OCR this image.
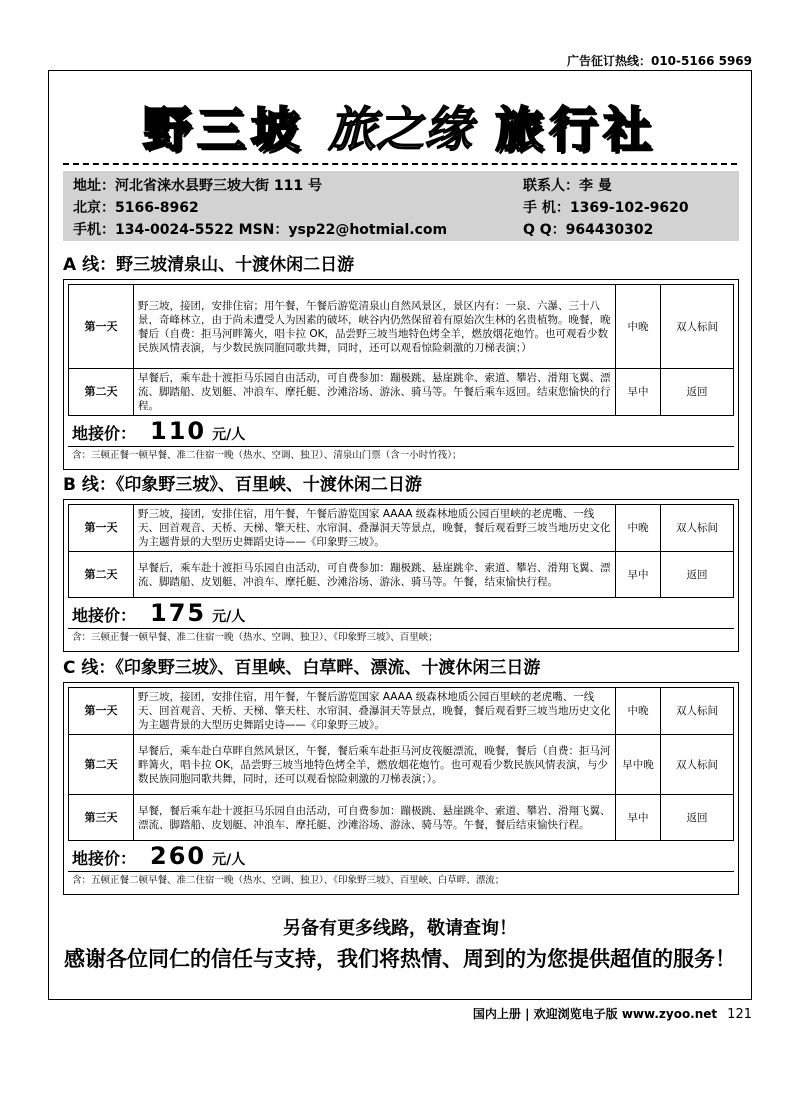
广告征订热线：010-5166 5969
野三坡 旅之缘 旅行社
地址：河北省涞水县野三坡大街 111 号	联系人：李 曼
北京：5166-8962	手 机：1369-102-9620
手机：134-0024-5522 MSN：ysp22@hotmial.com	Q Q：964430302
A 线：野三坡清泉山、十渡休闲二日游
第一天	野三坡，接团，安排住宿；用午餐，午餐后游览清泉山自然风景区，景区内有：一泉、六瀑、三十八景，奇峰林立，由于尚未遭受人为因素的破坏，峡谷内仍然保留着有原始次生林的名贵植物。晚餐，晚餐后（自费：拒马河畔篝火，唱卡拉 OK，品尝野三坡当地特色烤全羊，燃放烟花炮竹。也可观看少数民族风情表演，与少数民族同胞同歌共舞，同时，还可以观看惊险刺激的刀梯表演；）	中晚	双人标间
第二天	早餐后，乘车赴十渡拒马乐园自由活动，可自费参加：蹦极跳、悬崖跳伞、索道、攀岩、滑翔飞翼、漂流、脚踏船、皮划艇、冲浪车、摩托艇、沙滩浴场、游泳、骑马等。午餐后乘车返回。结束您愉快的行程。	早中	返回
地接价： 110 元/人
含：三顿正餐一顿早餐、准二住宿一晚（热水、空调、独卫）、清泉山门票（含一小时竹筏）；
B 线：《印象野三坡》、百里峡、十渡休闲二日游
第一天	野三坡，接团，安排住宿，用午餐，午餐后游览国家 AAAA 级森林地质公园百里峡的老虎嘴、一线天、回首观音、天桥、天梯、擎天柱、水帘洞、叠瀑洞天等景点，晚餐，餐后观看野三坡当地历史文化为主题背景的大型历史舞蹈史诗——《印象野三坡》。	中晚	双人标间
第二天	早餐后，乘车赴十渡拒马乐园自由活动，可自费参加：蹦极跳、悬崖跳伞、索道、攀岩、滑翔飞翼、漂流、脚踏船、皮划艇、冲浪车、摩托艇、沙滩浴场、游泳、骑马等。午餐，结束愉快行程。	早中	返回
地接价： 175 元/人
含：三顿正餐一顿早餐、准二住宿一晚（热水、空调、独卫）、《印象野三坡》、百里峡；
C 线：《印象野三坡》、百里峡、白草畔、漂流、十渡休闲三日游
第一天	野三坡，接团，安排住宿，用午餐，午餐后游览国家 AAAA 级森林地质公园百里峡的老虎嘴、一线天、回首观音、天桥、天梯、擎天柱、水帘洞、叠瀑洞天等景点，晚餐，餐后观看野三坡当地历史文化为主题背景的大型历史舞蹈史诗——《印象野三坡》。	中晚	双人标间
第二天	早餐后，乘车赴白草畔自然风景区，午餐，餐后乘车赴拒马河皮筏艇漂流，晚餐，餐后（自费：拒马河畔篝火，唱卡拉 OK，品尝野三坡当地特色烤全羊，燃放烟花炮竹。也可观看少数民族风情表演，与少数民族同胞同歌共舞，同时，还可以观看惊险刺激的刀梯表演；）。	早中晚	双人标间
第三天	早餐，餐后乘车赴十渡拒马乐园自由活动，可自费参加：蹦极跳、悬崖跳伞、索道、攀岩、滑翔飞翼、漂流、脚踏船、皮划艇、冲浪车、摩托艇、沙滩浴场、游泳、骑马等。午餐，餐后结束愉快行程。	早中	返回
地接价： 260 元/人
含：五顿正餐二顿早餐、准二住宿一晚（热水、空调、独卫）、《印象野三坡》、百里峡、白草畔、漂流；
另备有更多线路，敬请查询！
感谢各位同仁的信任与支持，我们将热情、周到的为您提供超值的服务！
国内上册 | 欢迎浏览电子版 www.zyoo.net 121
